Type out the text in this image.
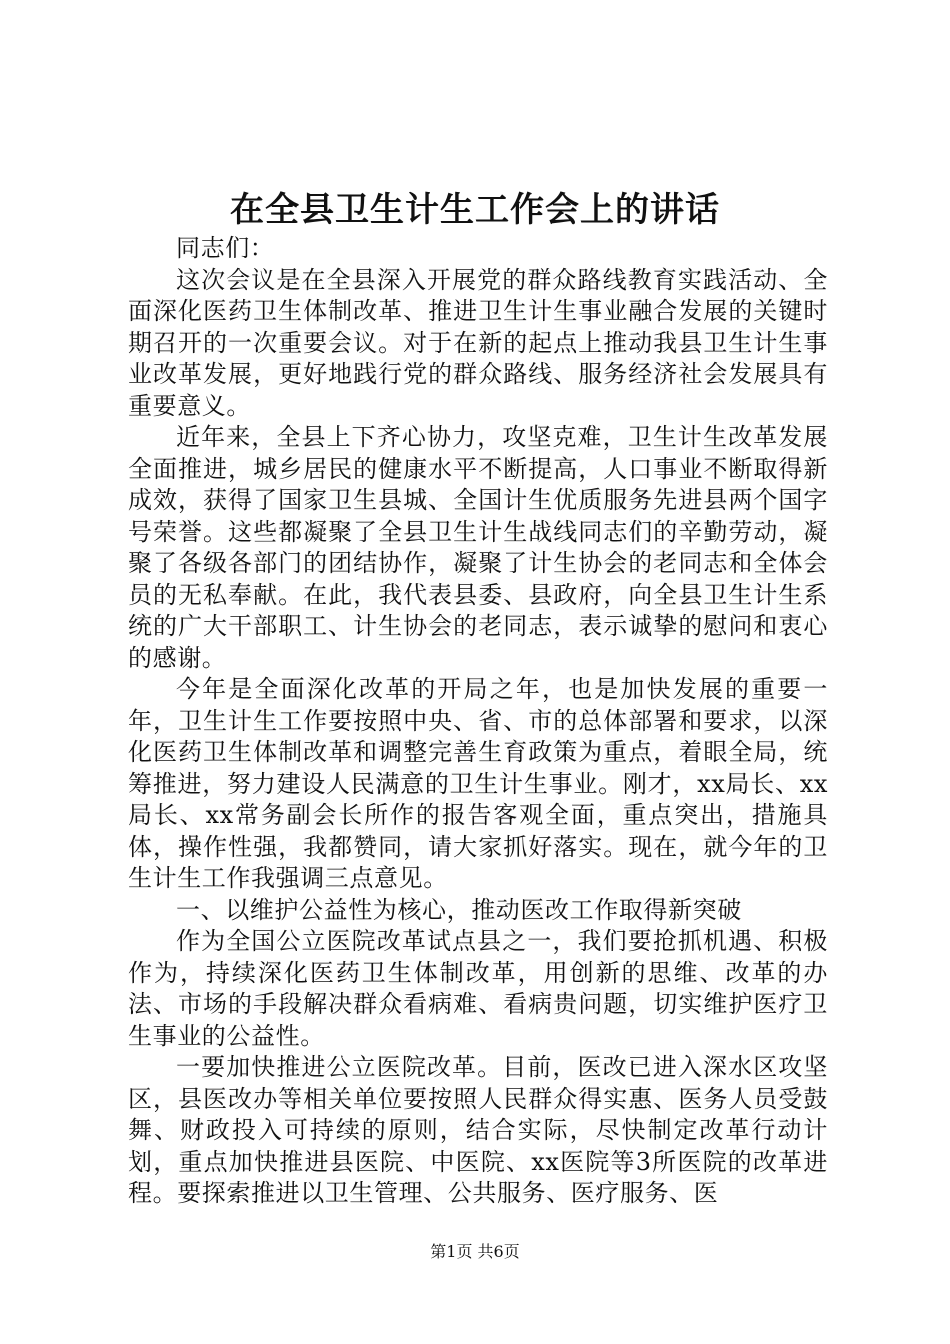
在全县卫生计生工作会上的讲话

同志们：

这次会议是在全县深入开展党的群众路线教育实践活动、全面深化医药卫生体制改革、推进卫生计生事业融合发展的关键时期召开的一次重要会议。对于在新的起点上推动我县卫生计生事业改革发展，更好地践行党的群众路线、服务经济社会发展具有重要意义。

近年来，全县上下齐心协力，攻坚克难，卫生计生改革发展全面推进，城乡居民的健康水平不断提高，人口事业不断取得新成效，获得了国家卫生县城、全国计生优质服务先进县两个国字号荣誉。这些都凝聚了全县卫生计生战线同志们的辛勤劳动，凝聚了各级各部门的团结协作，凝聚了计生协会的老同志和全体会员的无私奉献。在此，我代表县委、县政府，向全县卫生计生系统的广大干部职工、计生协会的老同志，表示诚挚的慰问和衷心的感谢。

今年是全面深化改革的开局之年，也是加快发展的重要一年，卫生计生工作要按照中央、省、市的总体部署和要求，以深化医药卫生体制改革和调整完善生育政策为重点，着眼全局，统筹推进，努力建设人民满意的卫生计生事业。刚才，xx局长、xx局长、xx常务副会长所作的报告客观全面，重点突出，措施具体，操作性强，我都赞同，请大家抓好落实。现在，就今年的卫生计生工作我强调三点意见。

一、以维护公益性为核心，推动医改工作取得新突破

作为全国公立医院改革试点县之一，我们要抢抓机遇、积极作为，持续深化医药卫生体制改革，用创新的思维、改革的办法、市场的手段解决群众看病难、看病贵问题，切实维护医疗卫生事业的公益性。

一要加快推进公立医院改革。目前，医改已进入深水区攻坚区，县医改办等相关单位要按照人民群众得实惠、医务人员受鼓舞、财政投入可持续的原则，结合实际，尽快制定改革行动计划，重点加快推进县医院、中医院、xx医院等3所医院的改革进程。要探索推进以卫生管理、公共服务、医疗服务、医

第1页 共6页
